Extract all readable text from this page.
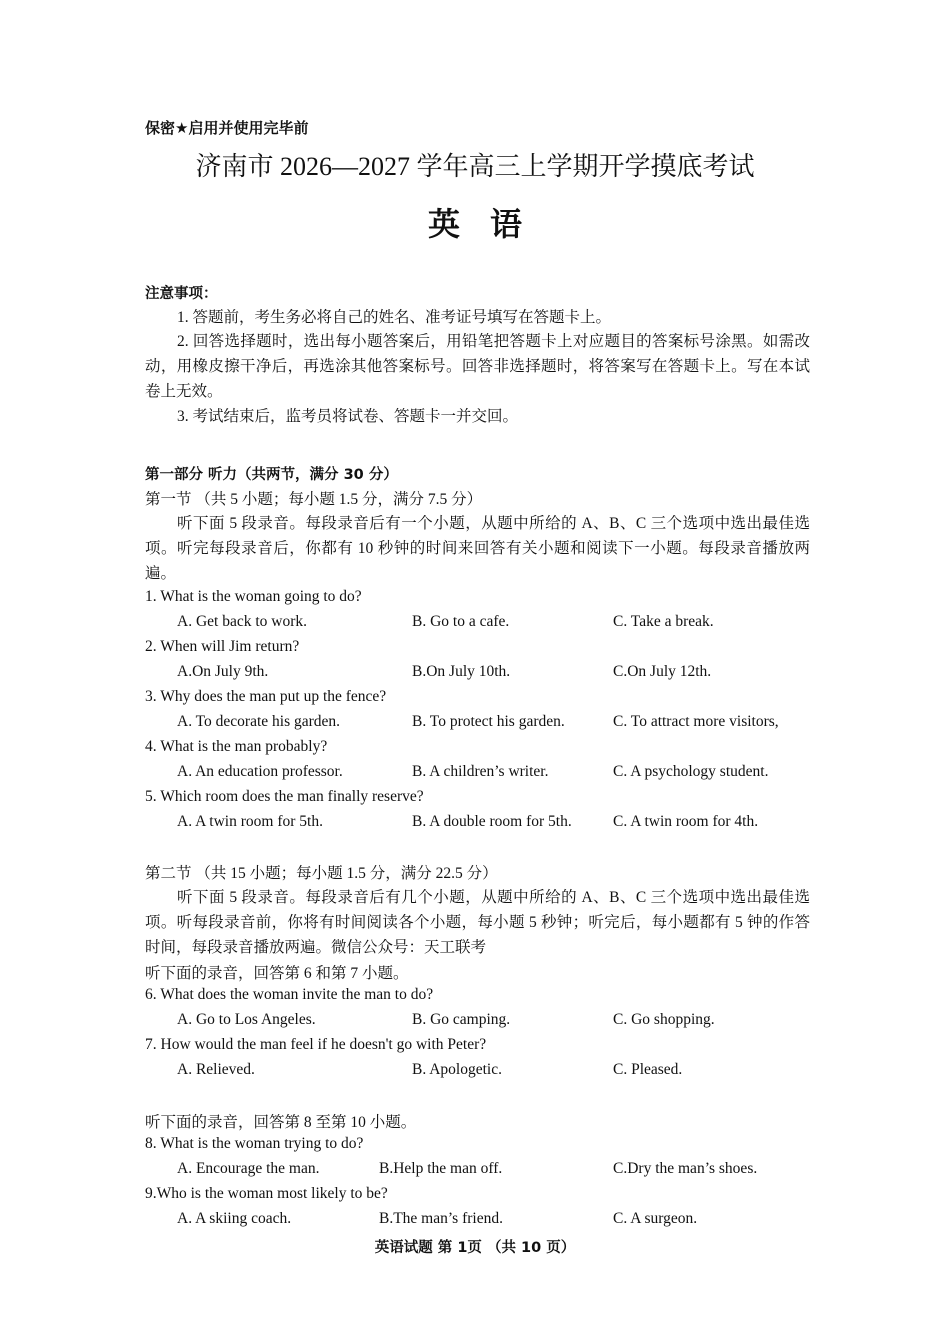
保密★启用并使用完毕前
济南市 2026—2027 学年高三上学期开学摸底考试
英语
注意事项：
1. 答题前，考生务必将自己的姓名、准考证号填写在答题卡上。
2. 回答选择题时，选出每小题答案后，用铅笔把答题卡上对应题目的答案标号涂黑。如需改动，用橡皮擦干净后，再选涂其他答案标号。回答非选择题时，将答案写在答题卡上。写在本试卷上无效。
3. 考试结束后，监考员将试卷、答题卡一并交回。
第一部分 听力（共两节，满分 30 分）
第一节 （共 5 小题；每小题 1.5 分，满分 7.5 分）
听下面 5 段录音。每段录音后有一个小题，从题中所给的 A、B、C 三个选项中选出最佳选项。听完每段录音后，你都有 10 秒钟的时间来回答有关小题和阅读下一小题。每段录音播放两遍。
1. What is the woman going to do?
A. Get back to work.	B. Go to a cafe.	C. Take a break.
2. When will Jim return?
A.On July 9th.	B.On July 10th.	C.On July 12th.
3. Why does the man put up the fence?
A. To decorate his garden.	B. To protect his garden.	C. To attract more visitors,
4. What is the man probably?
A. An education professor.	B. A children’s writer.	C. A psychology student.
5. Which room does the man finally reserve?
A. A twin room for 5th.	B. A double room for 5th.	C. A twin room for 4th.
第二节 （共 15 小题；每小题 1.5 分，满分 22.5 分）
听下面 5 段录音。每段录音后有几个小题，从题中所给的 A、B、C 三个选项中选出最佳选项。听每段录音前，你将有时间阅读各个小题，每小题 5 秒钟；听完后，每小题都有 5 钟的作答时间，每段录音播放两遍。微信公众号：天工联考
听下面的录音，回答第 6 和第 7 小题。
6. What does the woman invite the man to do?
A. Go to Los Angeles.	B. Go camping.	C. Go shopping.
7. How would the man feel if he doesn't go with Peter?
A. Relieved.	B. Apologetic.	C. Pleased.
听下面的录音，回答第 8 至第 10 小题。
8. What is the woman trying to do?
A. Encourage the man.	B.Help the man off.	C.Dry the man’s shoes.
9.Who is the woman most likely to be?
A. A skiing coach.	B.The man’s friend.	C. A surgeon.
英语试题 第 1页 （共 10 页）
